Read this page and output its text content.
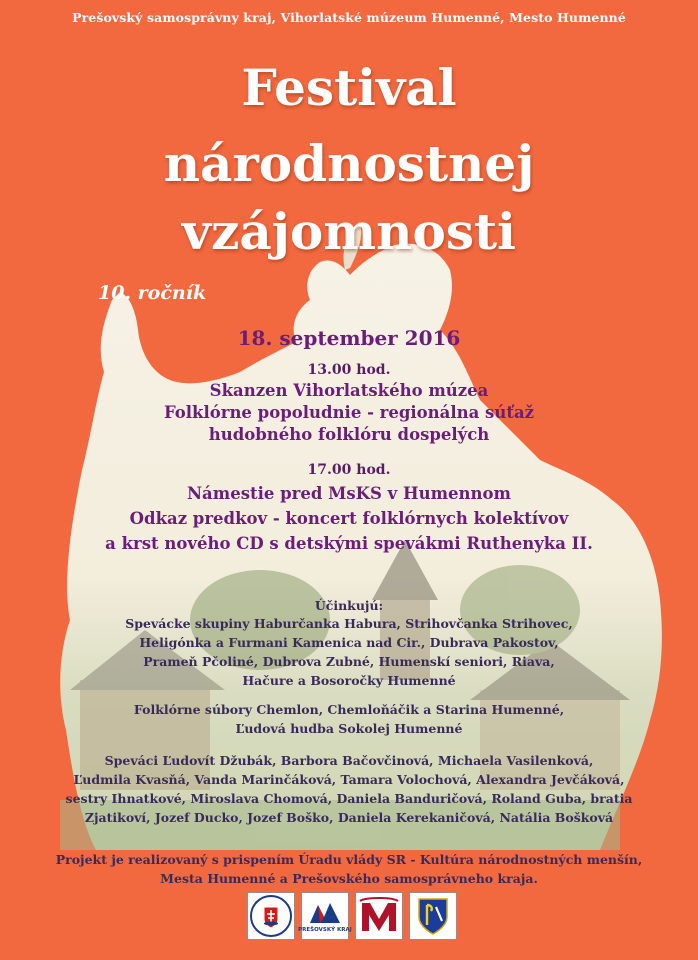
Prešovský samosprávny kraj, Vihorlatské múzeum Humenné, Mesto Humenné
Festival
národnostnej
vzájomnosti
10. ročník
18. september 2016
13.00 hod.
Skanzen Vihorlatského múzea
Folklórne popoludnie - regionálna súťaž
hudobného folklóru dospelých
17.00 hod.
Námestie pred MsKS v Humennom
Odkaz predkov - koncert folklórnych kolektívov
a krst nového CD s detskými spevákmi Ruthenyka II.
Účinkujú:
Spevácke skupiny Haburčanka Habura, Strihovčanka Strihovec,
Heligónka a Furmani Kamenica nad Cir., Dubrava Pakostov,
Prameň Pčoliné, Dubrova Zubné, Humenskí seniori, Riava,
Hačure a Bosoročky Humenné
Folklórne súbory Chemlon, Chemloňáčik a Starina Humenné,
Ľudová hudba Sokolej Humenné
Speváci Ľudovít Džubák, Barbora Bačovčinová, Michaela Vasilenková,
Ľudmila Kvasňá, Vanda Marinčáková, Tamara Volochová, Alexandra Jevčáková,
sestry Ihnatkové, Miroslava Chomová, Daniela Banduričová, Roland Guba, bratia
Zjatikoví, Jozef Ducko, Jozef Boško, Daniela Kerekaničová, Natália Bošková
Projekt je realizovaný s prispením Úradu vlády SR - Kultúra národnostných menšín,
Mesta Humenné a Prešovského samosprávneho kraja.
PREŠOVSKÝ KRAJ
